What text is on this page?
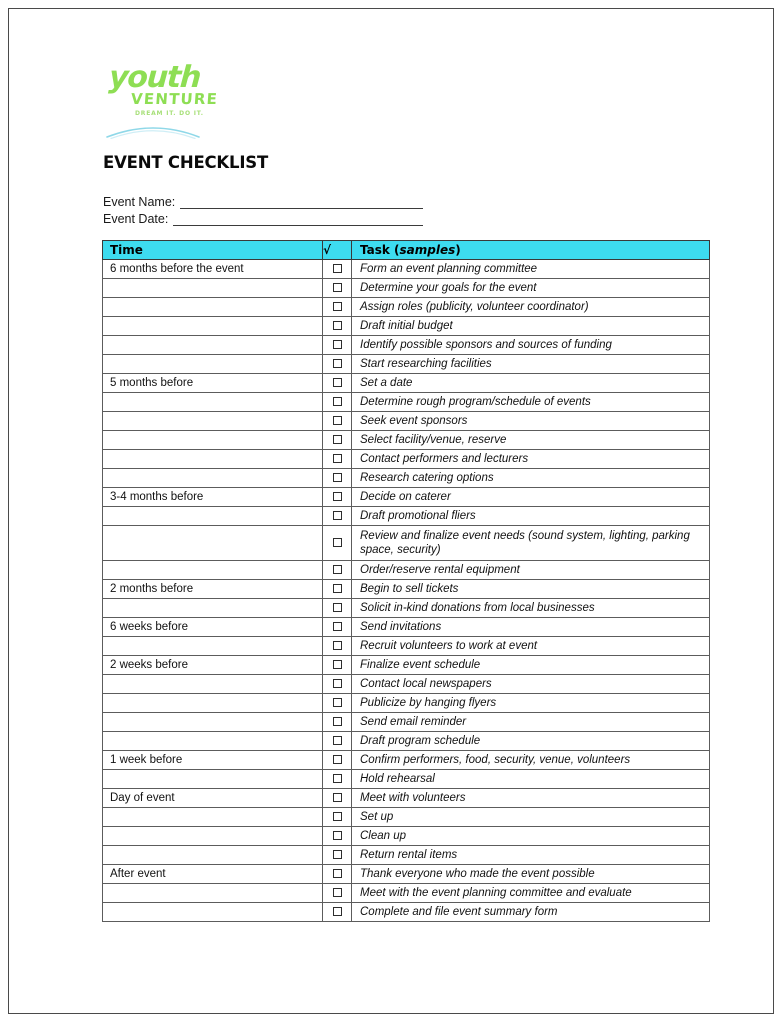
youth
VENTURE
DREAM IT. DO IT.
EVENT CHECKLIST
Event Name:
Event Date:
Time	√	Task (samples)
6 months before the event		Form an event planning committee
		Determine your goals for the event
		Assign roles (publicity, volunteer coordinator)
		Draft initial budget
		Identify possible sponsors and sources of funding
		Start researching facilities
5 months before		Set a date
		Determine rough program/schedule of events
		Seek event sponsors
		Select facility/venue, reserve
		Contact performers and lecturers
		Research catering options
3-4 months before		Decide on caterer
		Draft promotional fliers
		Review and finalize event needs (sound system, lighting, parking space, security)
		Order/reserve rental equipment
2 months before		Begin to sell tickets
		Solicit in-kind donations from local businesses
6 weeks before		Send invitations
		Recruit volunteers to work at event
2 weeks before		Finalize event schedule
		Contact local newspapers
		Publicize by hanging flyers
		Send email reminder
		Draft program schedule
1 week before		Confirm performers, food, security, venue, volunteers
		Hold rehearsal
Day of event		Meet with volunteers
		Set up
		Clean up
		Return rental items
After event		Thank everyone who made the event possible
		Meet with the event planning committee and evaluate
		Complete and file event summary form
